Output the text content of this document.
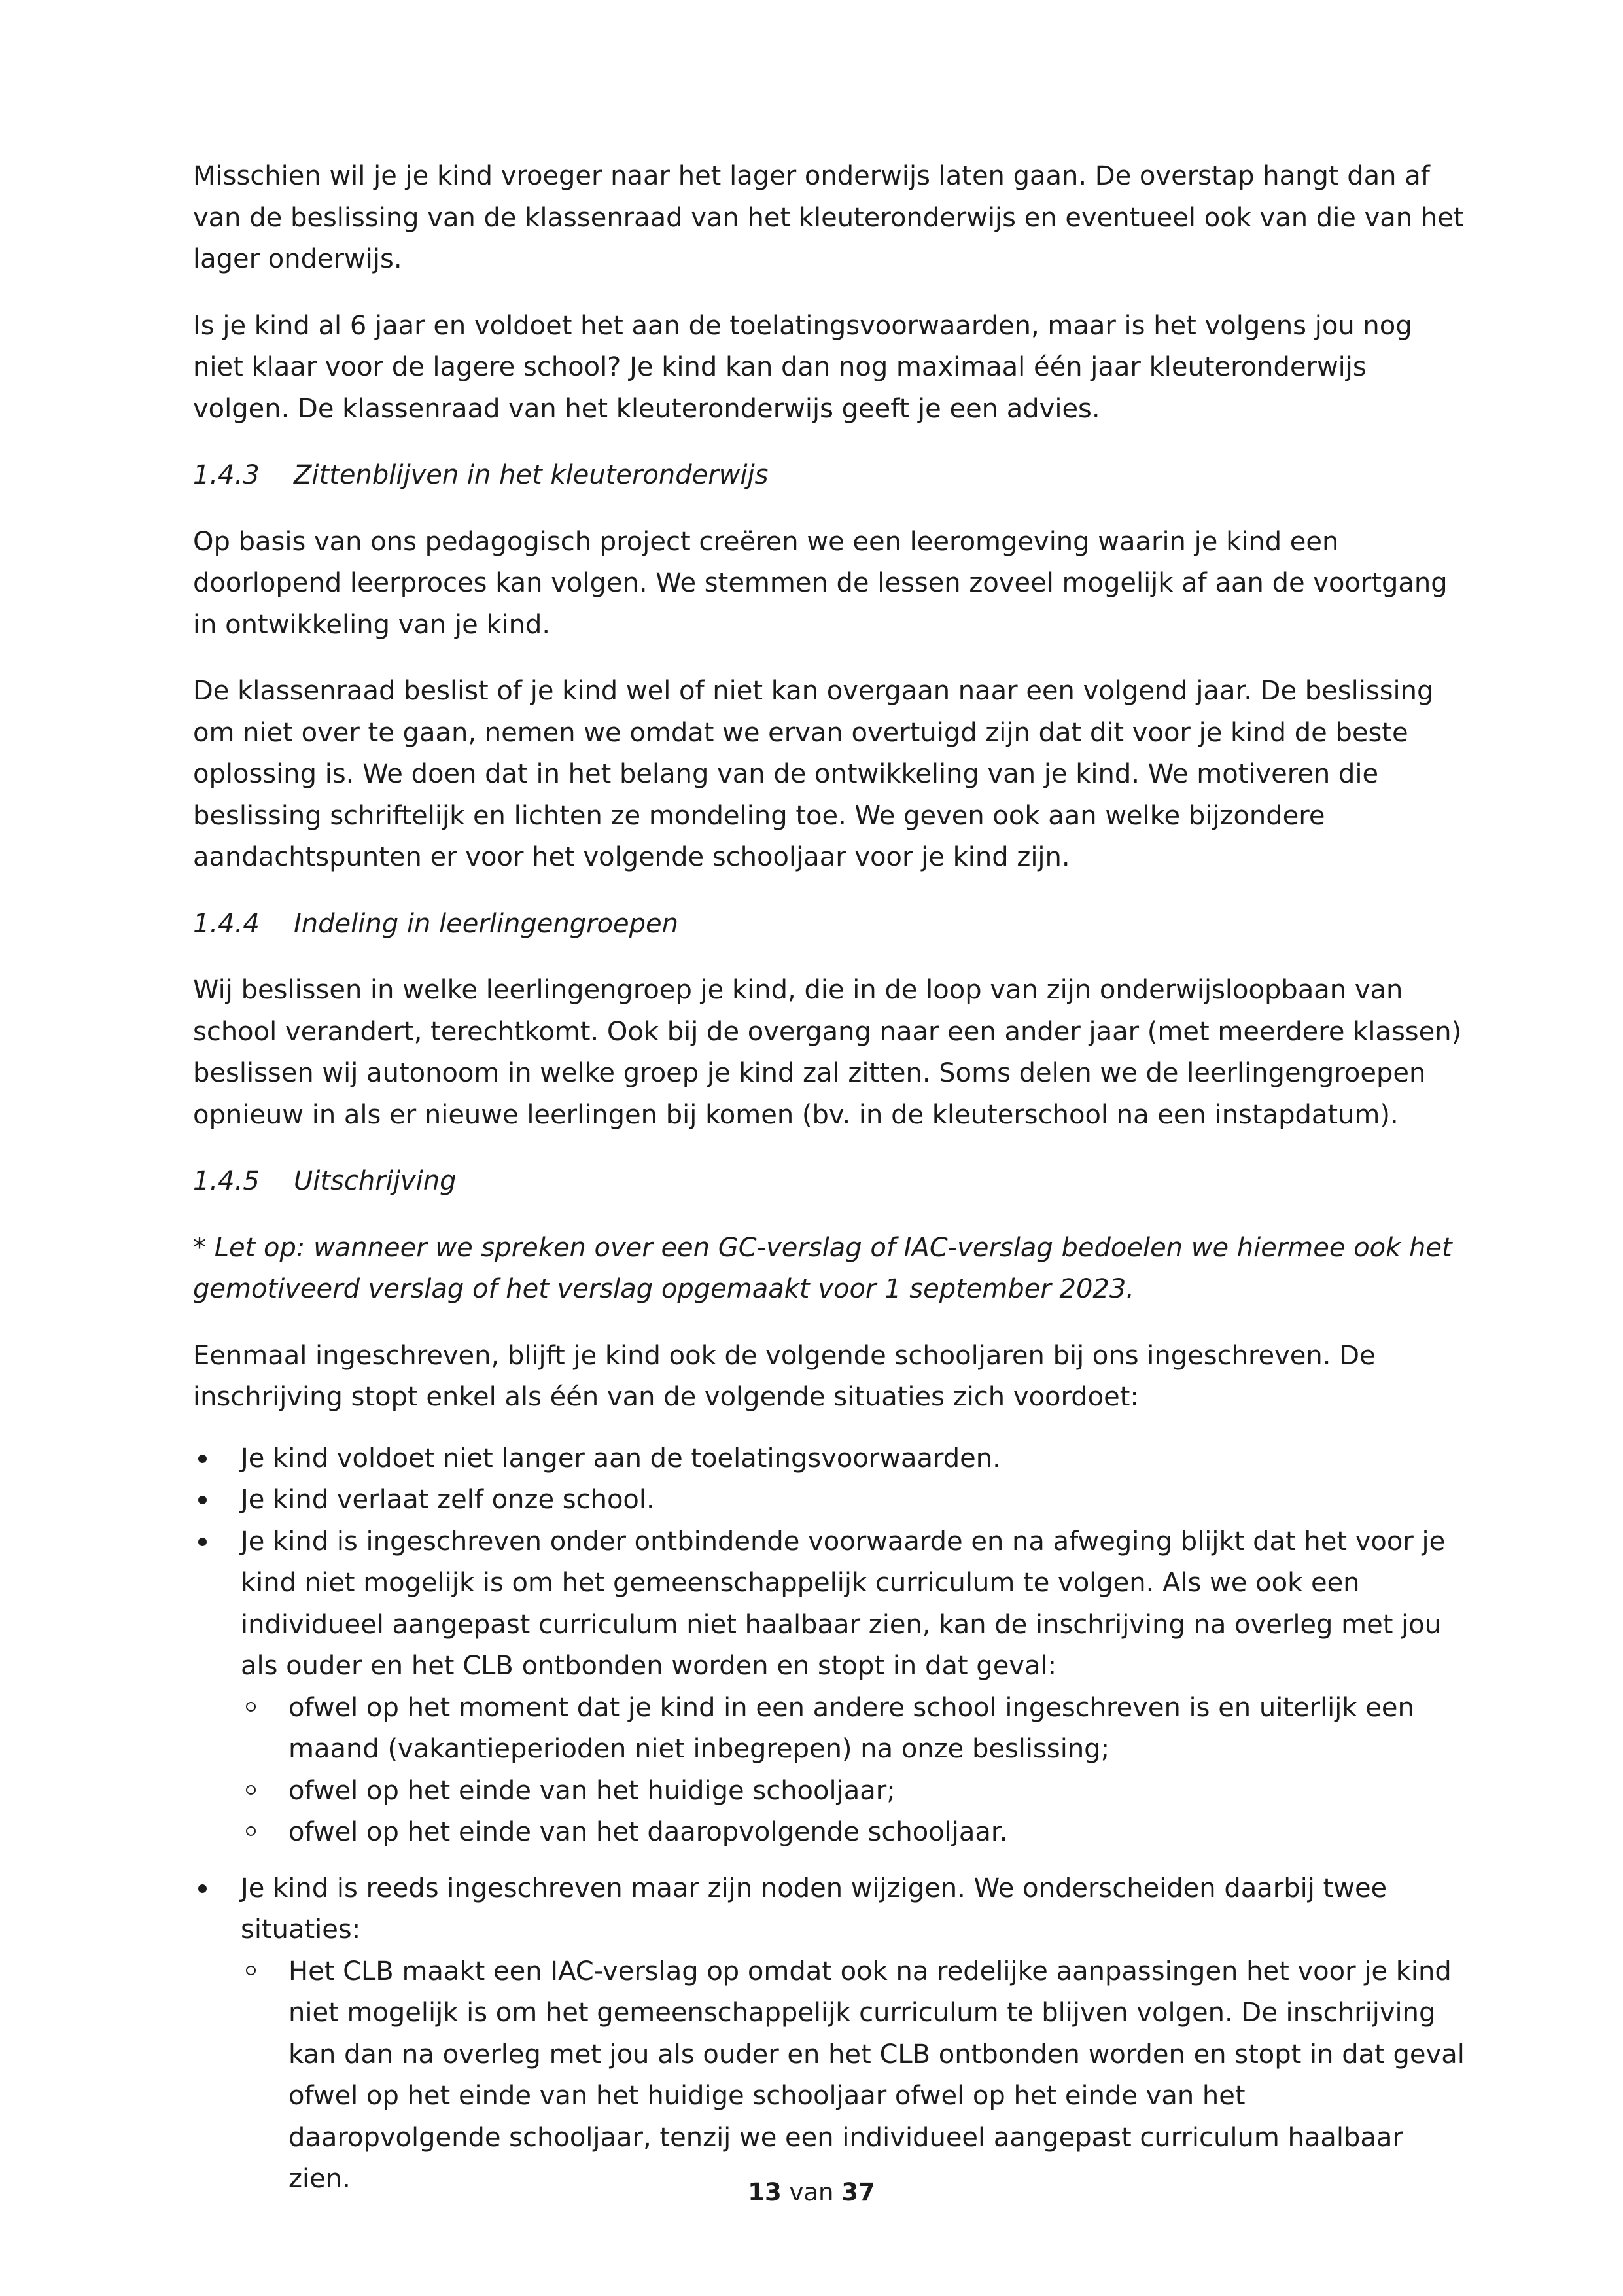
Misschien wil je je kind vroeger naar het lager onderwijs laten gaan. De overstap hangt dan af van de beslissing van de klassenraad van het kleuteronderwijs en eventueel ook van die van het lager onderwijs.

Is je kind al 6 jaar en voldoet het aan de toelatingsvoorwaarden, maar is het volgens jou nog niet klaar voor de lagere school? Je kind kan dan nog maximaal één jaar kleuteronderwijs volgen. De klassenraad van het kleuteronderwijs geeft je een advies.

1.4.3 Zittenblijven in het kleuteronderwijs

Op basis van ons pedagogisch project creëren we een leeromgeving waarin je kind een doorlopend leerproces kan volgen. We stemmen de lessen zoveel mogelijk af aan de voortgang in ontwikkeling van je kind.

De klassenraad beslist of je kind wel of niet kan overgaan naar een volgend jaar. De beslissing om niet over te gaan, nemen we omdat we ervan overtuigd zijn dat dit voor je kind de beste oplossing is. We doen dat in het belang van de ontwikkeling van je kind. We motiveren die beslissing schriftelijk en lichten ze mondeling toe. We geven ook aan welke bijzondere aandachtspunten er voor het volgende schooljaar voor je kind zijn.

1.4.4 Indeling in leerlingengroepen

Wij beslissen in welke leerlingengroep je kind, die in de loop van zijn onderwijsloopbaan van school verandert, terechtkomt. Ook bij de overgang naar een ander jaar (met meerdere klassen) beslissen wij autonoom in welke groep je kind zal zitten. Soms delen we de leerlingengroepen opnieuw in als er nieuwe leerlingen bij komen (bv. in de kleuterschool na een instapdatum).

1.4.5 Uitschrijving

* Let op: wanneer we spreken over een GC-verslag of IAC-verslag bedoelen we hiermee ook het gemotiveerd verslag of het verslag opgemaakt voor 1 september 2023.

Eenmaal ingeschreven, blijft je kind ook de volgende schooljaren bij ons ingeschreven. De inschrijving stopt enkel als één van de volgende situaties zich voordoet:

Je kind voldoet niet langer aan de toelatingsvoorwaarden.
Je kind verlaat zelf onze school.
Je kind is ingeschreven onder ontbindende voorwaarde en na afweging blijkt dat het voor je kind niet mogelijk is om het gemeenschappelijk curriculum te volgen. Als we ook een individueel aangepast curriculum niet haalbaar zien, kan de inschrijving na overleg met jou als ouder en het CLB ontbonden worden en stopt in dat geval:
ofwel op het moment dat je kind in een andere school ingeschreven is en uiterlijk een maand (vakantieperioden niet inbegrepen) na onze beslissing;
ofwel op het einde van het huidige schooljaar;
ofwel op het einde van het daaropvolgende schooljaar.
Je kind is reeds ingeschreven maar zijn noden wijzigen. We onderscheiden daarbij twee situaties:
Het CLB maakt een IAC-verslag op omdat ook na redelijke aanpassingen het voor je kind niet mogelijk is om het gemeenschappelijk curriculum te blijven volgen. De inschrijving kan dan na overleg met jou als ouder en het CLB ontbonden worden en stopt in dat geval ofwel op het einde van het huidige schooljaar ofwel op het einde van het daaropvolgende schooljaar, tenzij we een individueel aangepast curriculum haalbaar zien.	13 van 37
